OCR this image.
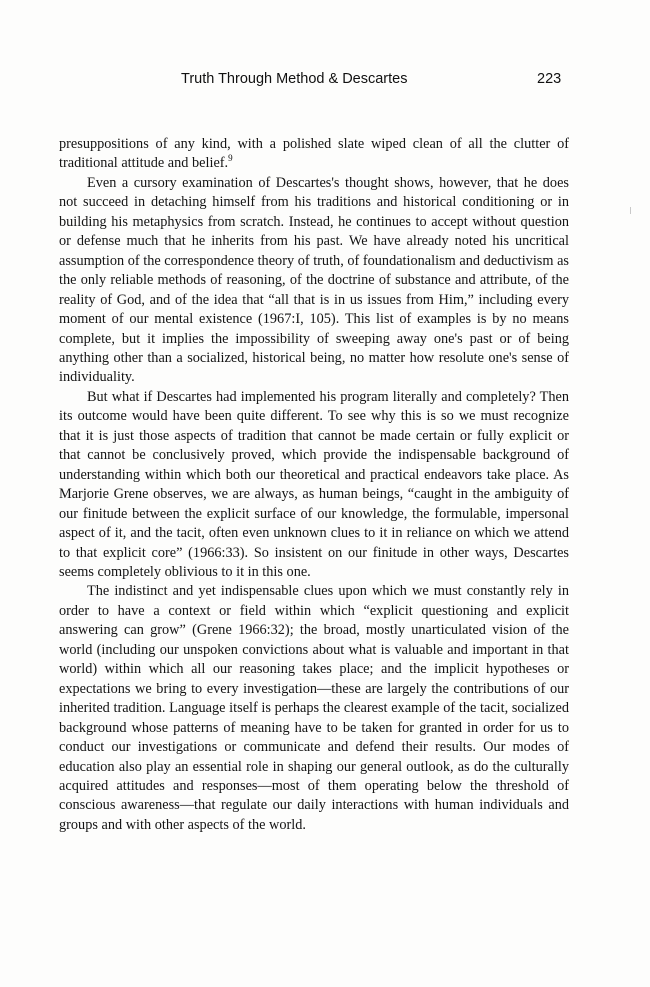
Truth Through Method & Descartes	223

presuppositions of any kind, with a polished slate wiped clean of all the clutter of traditional attitude and belief.$^9$

Even a cursory examination of Descartes's thought shows, however, that he does not succeed in detaching himself from his traditions and historical conditioning or in building his metaphysics from scratch. Instead, he continues to accept without question or defense much that he inherits from his past. We have already noted his uncritical assumption of the correspondence theory of truth, of foundationalism and deductivism as the only reliable methods of reasoning, of the doctrine of substance and attribute, of the reality of God, and of the idea that “all that is in us issues from Him,” including every moment of our mental existence (1967:I, 105). This list of examples is by no means complete, but it implies the impossibility of sweeping away one's past or of being anything other than a socialized, historical being, no matter how resolute one's sense of individuality.

But what if Descartes had implemented his program literally and completely? Then its outcome would have been quite different. To see why this is so we must recognize that it is just those aspects of tradition that cannot be made certain or fully explicit or that cannot be conclusively proved, which provide the indispensable background of understanding within which both our theoretical and practical endeavors take place. As Marjorie Grene observes, we are always, as human beings, “caught in the ambiguity of our finitude between the explicit surface of our knowledge, the formulable, impersonal aspect of it, and the tacit, often even unknown clues to it in reliance on which we attend to that explicit core” (1966:33). So insistent on our finitude in other ways, Descartes seems completely oblivious to it in this one.

The indistinct and yet indispensable clues upon which we must constantly rely in order to have a context or field within which “explicit questioning and explicit answering can grow” (Grene 1966:32); the broad, mostly unarticulated vision of the world (including our unspoken convictions about what is valuable and important in that world) within which all our reasoning takes place; and the implicit hypotheses or expectations we bring to every investigation—these are largely the contributions of our inherited tradition. Language itself is perhaps the clearest example of the tacit, socialized background whose patterns of meaning have to be taken for granted in order for us to conduct our investigations or communicate and defend their results. Our modes of education also play an essential role in shaping our general outlook, as do the culturally acquired attitudes and responses—most of them operating below the threshold of conscious awareness—that regulate our daily interactions with human individuals and groups and with other aspects of the world.
